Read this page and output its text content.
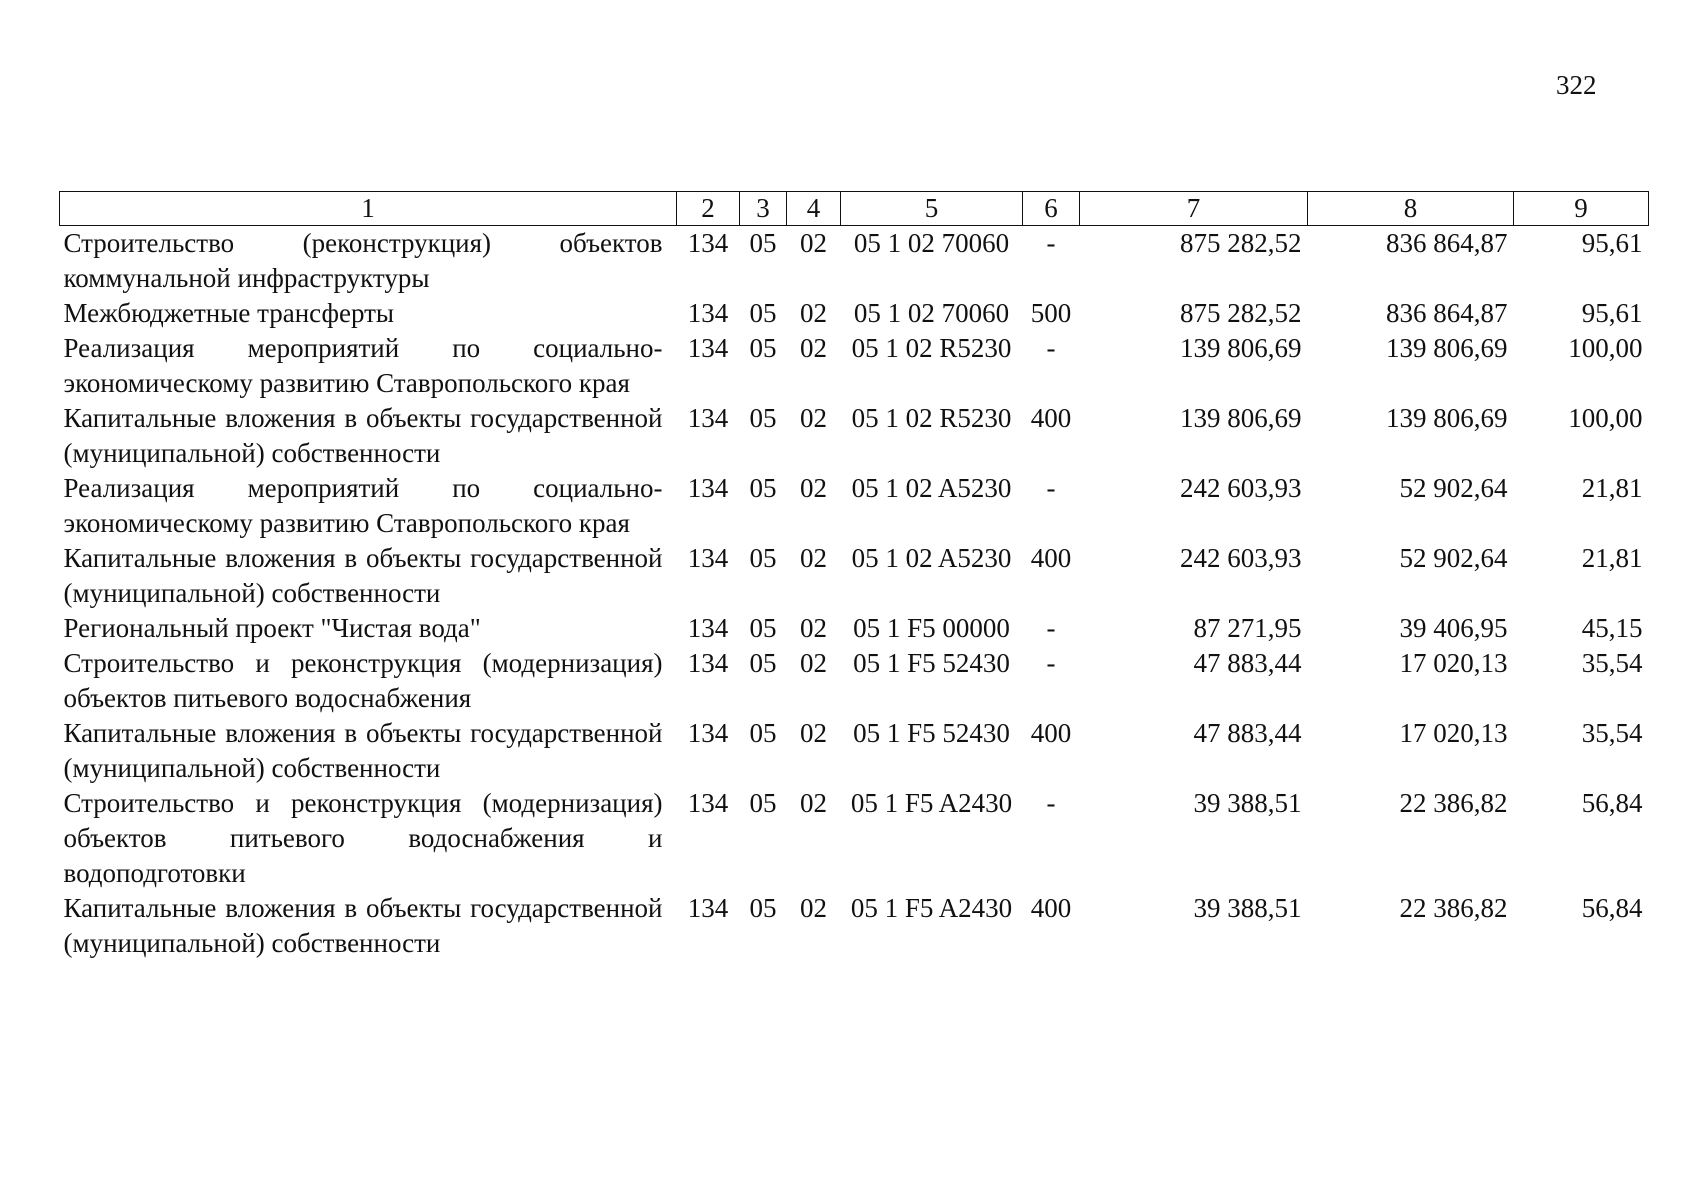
322
1	2	3	4	5	6	7	8	9
Строительство (реконструкция) объектов коммунальной инфраструктуры	134	05	02	05 1 02 70060	-	875 282,52	836 864,87	95,61
Межбюджетные трансферты	134	05	02	05 1 02 70060	500	875 282,52	836 864,87	95,61
Реализация мероприятий по социально-экономическому развитию Ставропольского края	134	05	02	05 1 02 R5230	-	139 806,69	139 806,69	100,00
Капитальные вложения в объекты государственной (муниципальной) собственности	134	05	02	05 1 02 R5230	400	139 806,69	139 806,69	100,00
Реализация мероприятий по социально-экономическому развитию Ставропольского края	134	05	02	05 1 02 A5230	-	242 603,93	52 902,64	21,81
Капитальные вложения в объекты государственной (муниципальной) собственности	134	05	02	05 1 02 A5230	400	242 603,93	52 902,64	21,81
Региональный проект "Чистая вода"	134	05	02	05 1 F5 00000	-	87 271,95	39 406,95	45,15
Строительство и реконструкция (модернизация) объектов питьевого водоснабжения	134	05	02	05 1 F5 52430	-	47 883,44	17 020,13	35,54
Капитальные вложения в объекты государственной (муниципальной) собственности	134	05	02	05 1 F5 52430	400	47 883,44	17 020,13	35,54
Строительство и реконструкция (модернизация) объектов питьевого водоснабжения и водоподготовки	134	05	02	05 1 F5 A2430	-	39 388,51	22 386,82	56,84
Капитальные вложения в объекты государственной (муниципальной) собственности	134	05	02	05 1 F5 A2430	400	39 388,51	22 386,82	56,84
